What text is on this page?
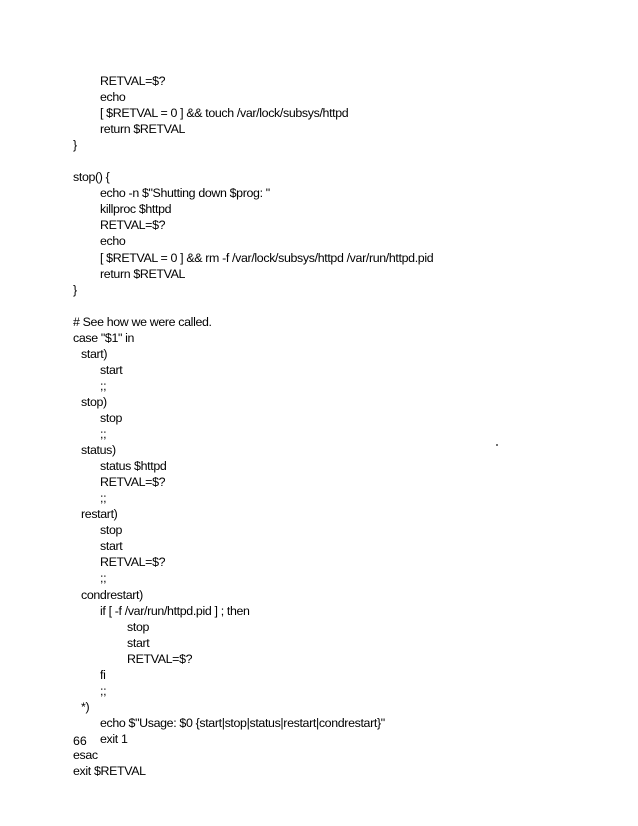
RETVAL=$?
echo
[ $RETVAL = 0 ] && touch /var/lock/subsys/httpd
return $RETVAL
}
stop() {
echo -n $"Shutting down $prog: "
killproc $httpd
RETVAL=$?
echo
[ $RETVAL = 0 ] && rm -f /var/lock/subsys/httpd /var/run/httpd.pid
return $RETVAL
}
# See how we were called.
case "$1" in
start)
start
;;
stop)
stop
;;
status)
status $httpd
RETVAL=$?
;;
restart)
stop
start
RETVAL=$?
;;
condrestart)
if [ -f /var/run/httpd.pid ] ; then
stop
start
RETVAL=$?
fi
;;
*)
echo $"Usage: $0 {start|stop|status|restart|condrestart}"
exit 1
esac
exit $RETVAL
66
